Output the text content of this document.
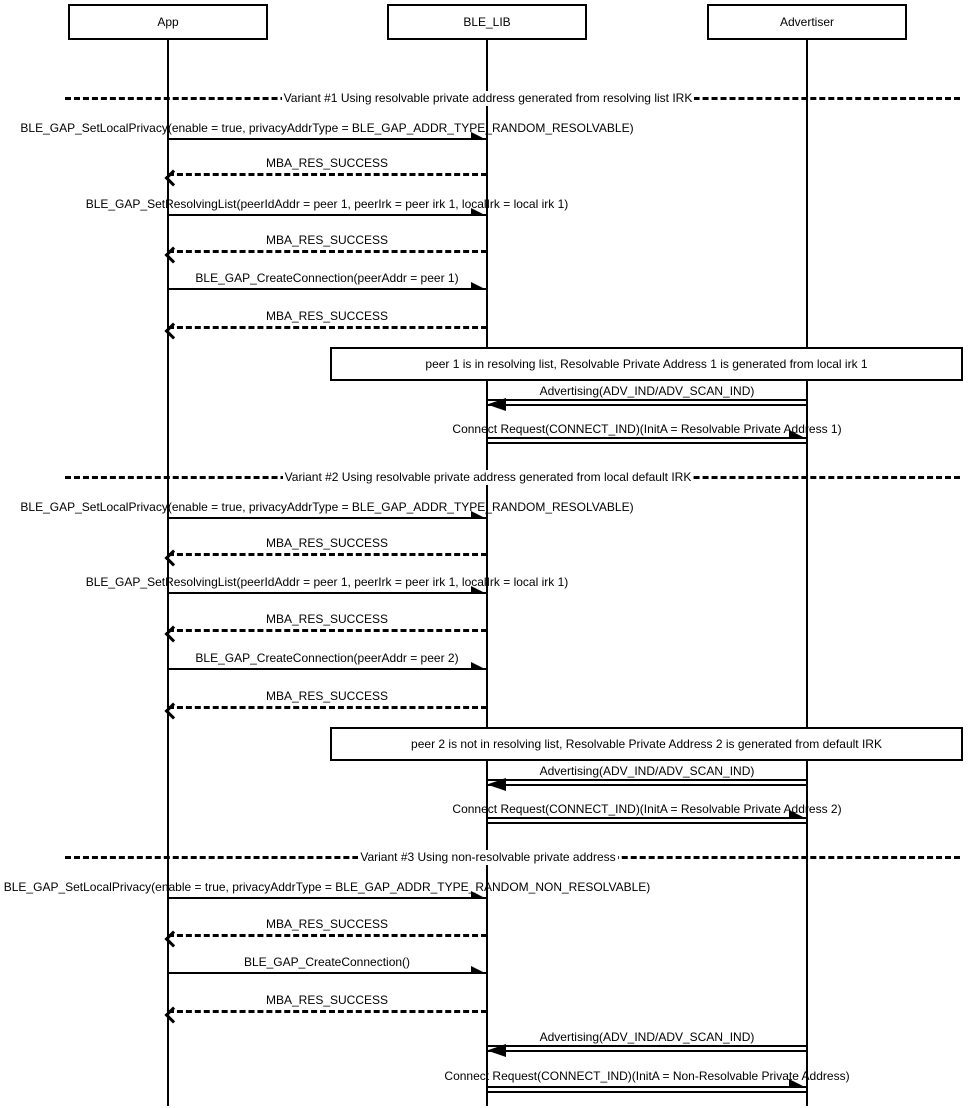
App	BLE_LIB	Advertiser
Variant #1 Using resolvable private address generated from resolving list IRK
BLE_GAP_SetLocalPrivacy(enable = true, privacyAddrType = BLE_GAP_ADDR_TYPE_RANDOM_RESOLVABLE)
MBA_RES_SUCCESS
BLE_GAP_SetResolvingList(peerIdAddr = peer 1, peerIrk = peer irk 1, localIrk = local irk 1)
MBA_RES_SUCCESS
BLE_GAP_CreateConnection(peerAddr = peer 1)
MBA_RES_SUCCESS
peer 1 is in resolving list, Resolvable Private Address 1 is generated from local irk 1
Advertising(ADV_IND/ADV_SCAN_IND)
Connect Request(CONNECT_IND)(InitA = Resolvable Private Address 1)
Variant #2 Using resolvable private address generated from local default IRK
BLE_GAP_SetLocalPrivacy(enable = true, privacyAddrType = BLE_GAP_ADDR_TYPE_RANDOM_RESOLVABLE)
MBA_RES_SUCCESS
BLE_GAP_SetResolvingList(peerIdAddr = peer 1, peerIrk = peer irk 1, localIrk = local irk 1)
MBA_RES_SUCCESS
BLE_GAP_CreateConnection(peerAddr = peer 2)
MBA_RES_SUCCESS
peer 2 is not in resolving list, Resolvable Private Address 2 is generated from default IRK
Advertising(ADV_IND/ADV_SCAN_IND)
Connect Request(CONNECT_IND)(InitA = Resolvable Private Address 2)
Variant #3 Using non-resolvable private address
BLE_GAP_SetLocalPrivacy(enable = true, privacyAddrType = BLE_GAP_ADDR_TYPE_RANDOM_NON_RESOLVABLE)
MBA_RES_SUCCESS
BLE_GAP_CreateConnection()
MBA_RES_SUCCESS
Advertising(ADV_IND/ADV_SCAN_IND)
Connect Request(CONNECT_IND)(InitA = Non-Resolvable Private Address)
